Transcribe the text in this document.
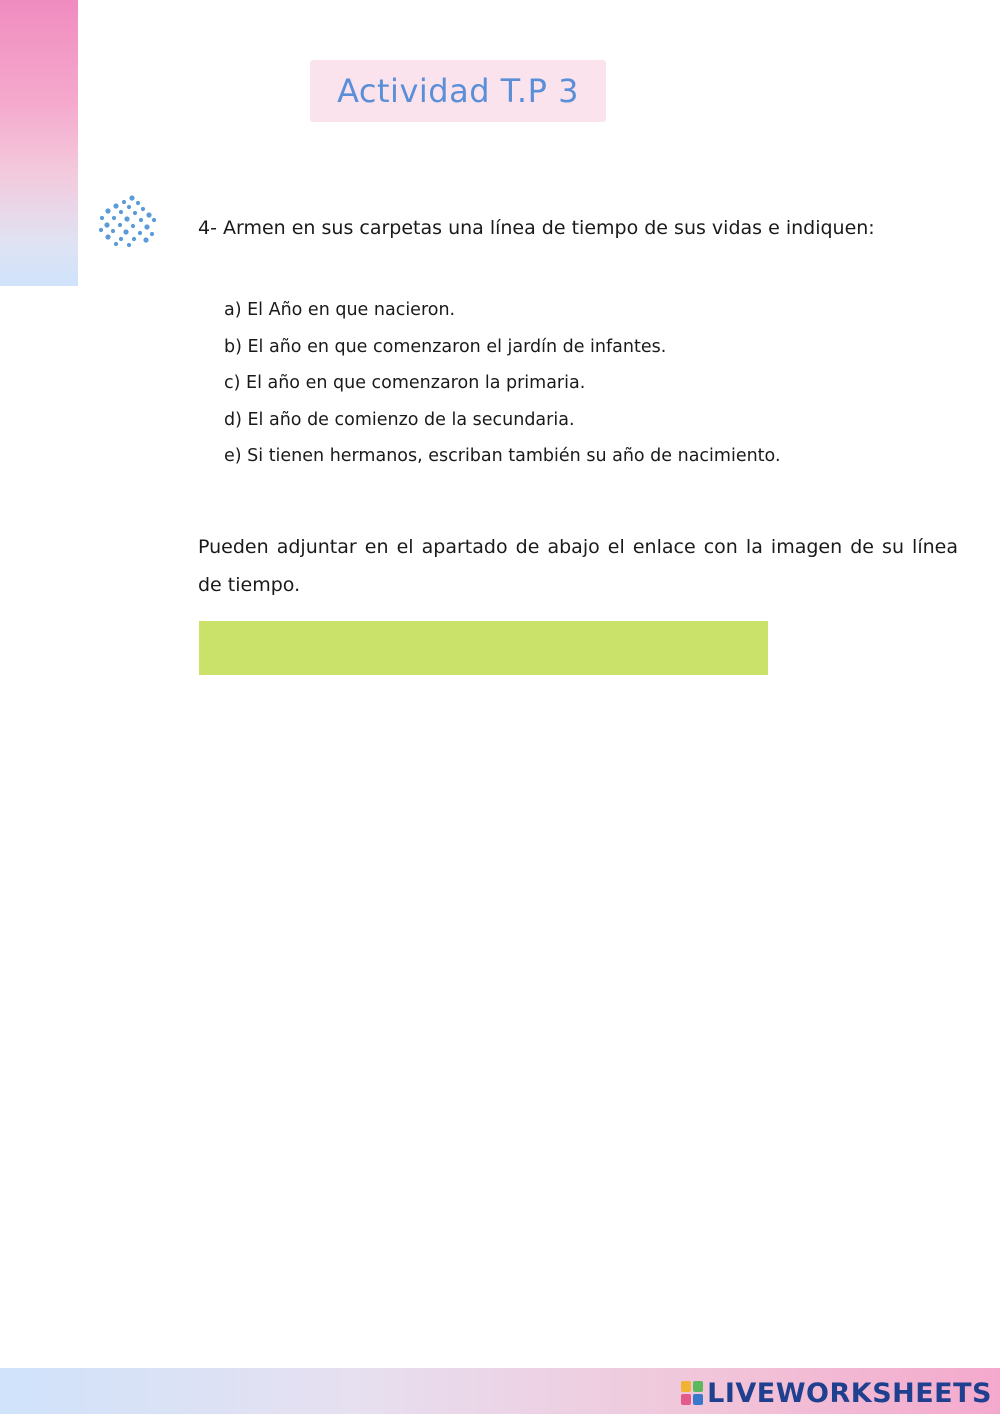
Actividad T.P 3
4- Armen en sus carpetas una línea de tiempo de sus vidas e indiquen:
a) El Año en que nacieron.
b) El año en que comenzaron el jardín de infantes.
c) El año en que comenzaron la primaria.
d) El año de comienzo de la secundaria.
e) Si tienen hermanos, escriban también su año de nacimiento.
Pueden adjuntar en el apartado de abajo el enlace con la imagen de su línea de tiempo.
LIVEWORKSHEETS
